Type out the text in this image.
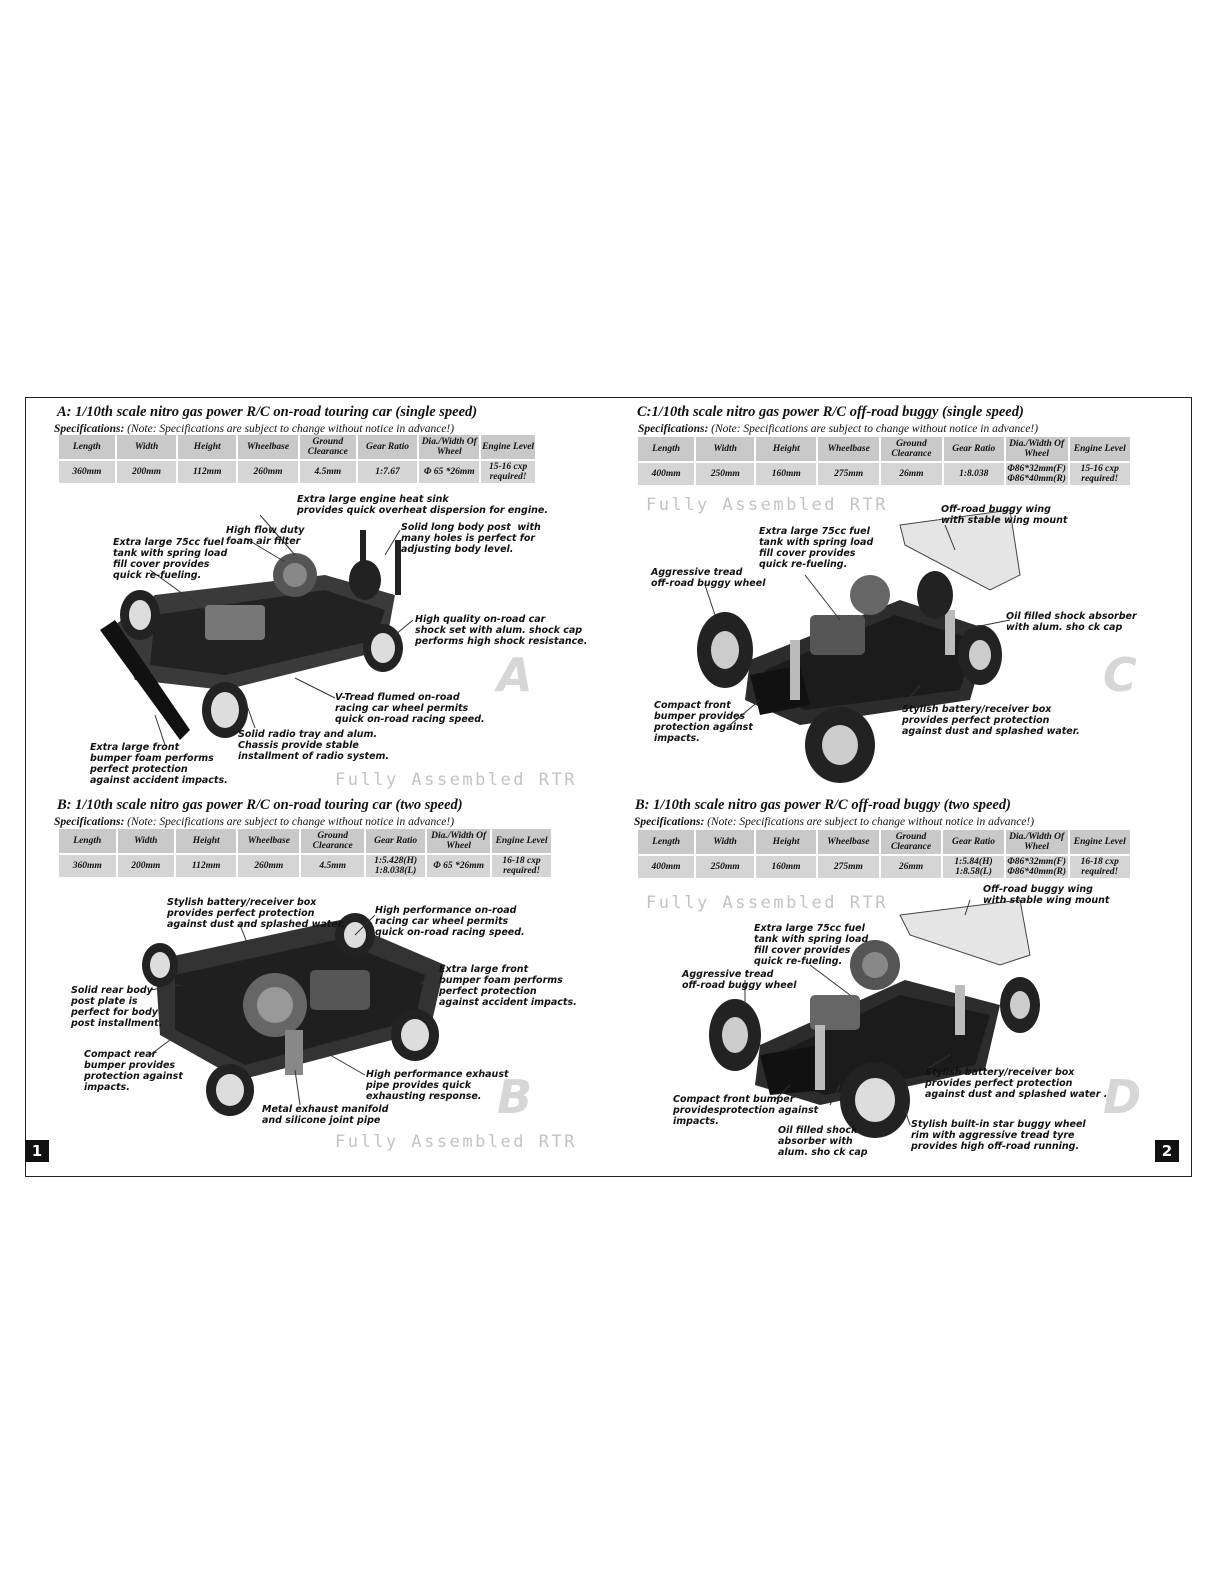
A: 1/10th scale nitro gas power R/C on-road touring car (single speed)
Specifications: (Note: Specifications are subject to change without notice in advance!)
Length	Width	Height	Wheelbase	Ground Clearance	Gear Ratio	Dia./Width Of Wheel	Engine Level
360mm	200mm	112mm	260mm	4.5mm	1:7.67	Φ 65 *26mm	15-16 cxp required!
Extra large engine heat sink
provides quick overheat dispersion for engine.
High flow duty
foam air filter
Solid long body post  with
many holes is perfect for
adjusting body level.
Extra large 75cc fuel
tank with spring load
fill cover provides
quick re-fueling.
High quality on-road car
shock set with alum. shock cap
performs high shock resistance.
V-Tread flumed on-road
racing car wheel permits
quick on-road racing speed.
Solid radio tray and alum.
Chassis provide stable
installment of radio system.
Extra large front
bumper foam performs
perfect protection
against accident impacts.
A
Fully Assembled RTR
B: 1/10th scale nitro gas power R/C on-road touring car (two speed)
Specifications: (Note: Specifications are subject to change without notice in advance!)
Length	Width	Height	Wheelbase	Ground Clearance	Gear Ratio	Dia./Width Of Wheel	Engine Level
360mm	200mm	112mm	260mm	4.5mm	1:5.428(H) 1:8.038(L)	Φ 65 *26mm	16-18 cxp required!
Stylish battery/receiver box
provides perfect protection
against dust and splashed water.
High performance on-road
racing car wheel permits
quick on-road racing speed.
Extra large front
bumper foam performs
perfect protection
against accident impacts.
Solid rear body
post plate is
perfect for body
post installment.
Compact rear
bumper provides
protection against
impacts.
High performance exhaust
pipe provides quick
exhausting response.
Metal exhaust manifold
and silicone joint pipe	B
Fully Assembled RTR
C:1/10th scale nitro gas power R/C off-road buggy (single speed)
Specifications: (Note: Specifications are subject to change without notice in advance!)
Length	Width	Height	Wheelbase	Ground Clearance	Gear Ratio	Dia./Width Of Wheel	Engine Level
400mm	250mm	160mm	275mm	26mm	1:8.038	Φ86*32mm(F) Φ86*40mm(R)	15-16 cxp required!
Fully Assembled RTR	Off-road buggy wing
with stable wing mount
Extra large 75cc fuel
tank with spring load
fill cover provides
quick re-fueling.
Aggressive tread
off-road buggy wheel
Oil filled shock absorber
with alum. sho ck cap
Compact front
bumper provides
protection against
impacts.
Stylish battery/receiver box
provides perfect protection
against dust and splashed water.
C
B: 1/10th scale nitro gas power R/C off-road buggy (two speed)
Specifications: (Note: Specifications are subject to change without notice in advance!)
Length	Width	Height	Wheelbase	Ground Clearance	Gear Ratio	Dia./Width Of Wheel	Engine Level
400mm	250mm	160mm	275mm	26mm	1:5.84(H) 1:8.58(L)	Φ86*32mm(F) Φ86*40mm(R)	16-18 cxp required!
Fully Assembled RTR
Off-road buggy wing
with stable wing mount
Extra large 75cc fuel
tank with spring load
fill cover provides
quick re-fueling.
Aggressive tread
off-road buggy wheel
Stylish battery/receiver box
provides perfect protection
against dust and splashed water .
Compact front bumper
providesprotection against
impacts.
Oil filled shock
absorber with
alum. sho ck cap
Stylish built-in star buggy wheel
rim with aggressive tread tyre
provides high off-road running.
D
1	2
